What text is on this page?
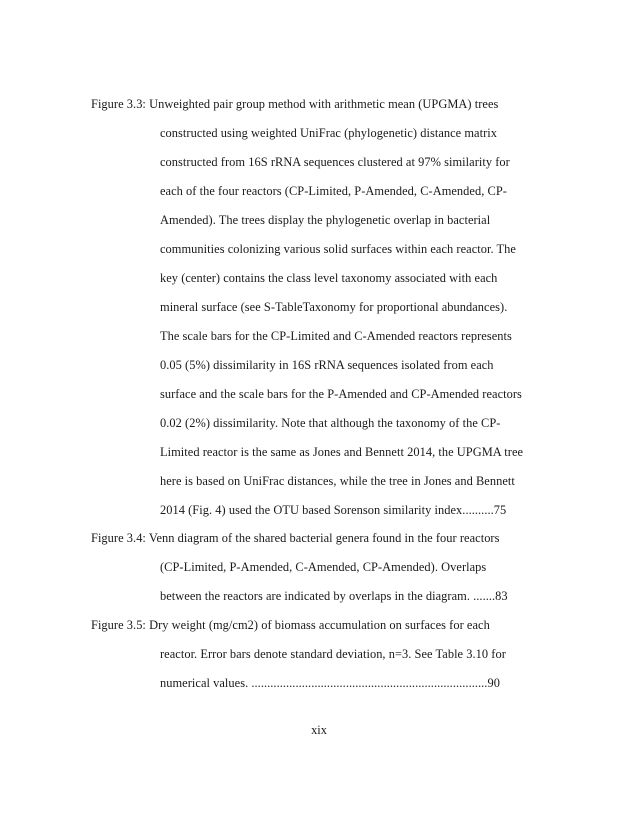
Figure 3.3: Unweighted pair group method with arithmetic mean (UPGMA) trees
constructed using weighted UniFrac (phylogenetic) distance matrix
constructed from 16S rRNA sequences clustered at 97% similarity for
each of the four reactors (CP-Limited, P-Amended, C-Amended, CP-
Amended). The trees display the phylogenetic overlap in bacterial
communities colonizing various solid surfaces within each reactor. The
key (center) contains the class level taxonomy associated with each
mineral surface (see S-TableTaxonomy for proportional abundances).
The scale bars for the CP-Limited and C-Amended reactors represents
0.05 (5%) dissimilarity in 16S rRNA sequences isolated from each
surface and the scale bars for the P-Amended and CP-Amended reactors
0.02 (2%) dissimilarity. Note that although the taxonomy of the CP-
Limited reactor is the same as Jones and Bennett 2014, the UPGMA tree
here is based on UniFrac distances, while the tree in Jones and Bennett
2014 (Fig. 4) used the OTU based Sorenson similarity index..........75
Figure 3.4: Venn diagram of the shared bacterial genera found in the four reactors
(CP-Limited, P-Amended, C-Amended, CP-Amended). Overlaps
between the reactors are indicated by overlaps in the diagram. .......83
Figure 3.5: Dry weight (mg/cm2) of biomass accumulation on surfaces for each
reactor. Error bars denote standard deviation, n=3. See Table 3.10 for
numerical values. ...........................................................................90
xix
